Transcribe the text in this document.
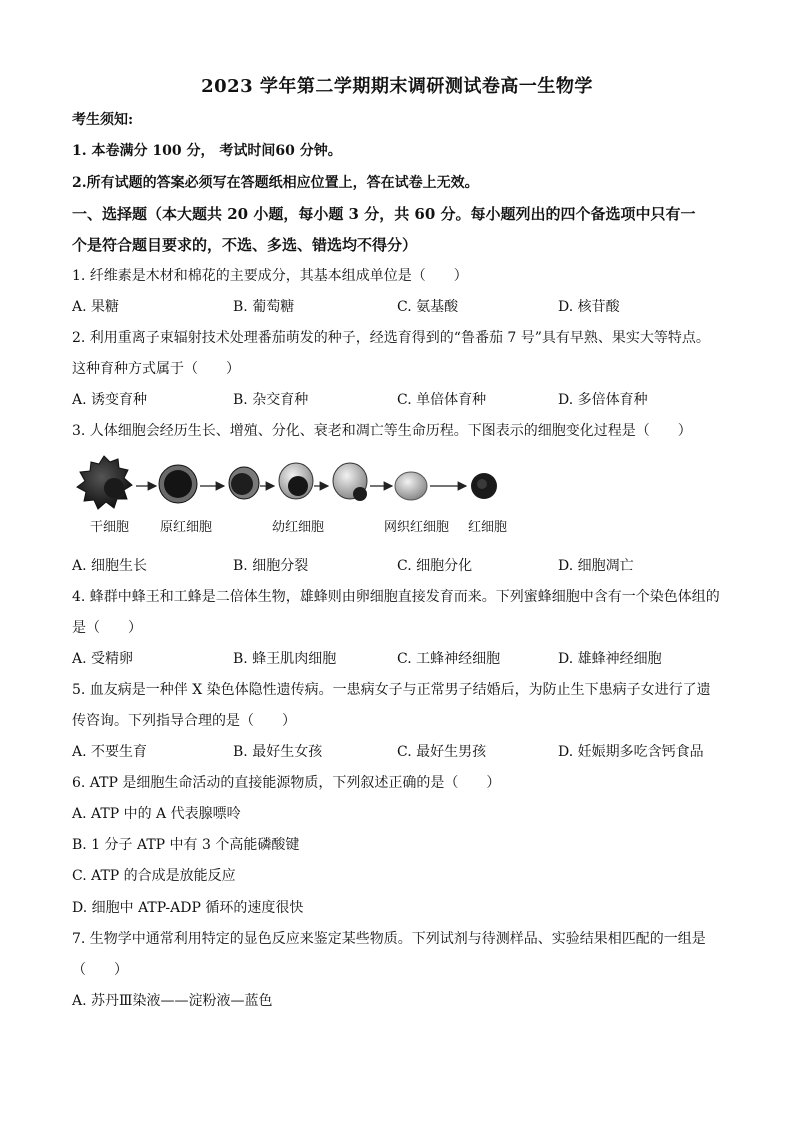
2023 学年第二学期期末调研测试卷高一生物学
考生须知:
1. 本卷满分 100 分， 考试时间60 分钟。
2.所有试题的答案必须写在答题纸相应位置上，答在试卷上无效。
一、选择题（本大题共 20 小题，每小题 3 分，共 60 分。每小题列出的四个备选项中只有一
个是符合题目要求的，不选、多选、错选均不得分）
1. 纤维素是木材和棉花的主要成分，其基本组成单位是（　　）
A. 果糖	B. 葡萄糖	C. 氨基酸	D. 核苷酸
2. 利用重离子束辐射技术处理番茄萌发的种子，经选育得到的“鲁番茄 7 号”具有早熟、果实大等特点。
这种育种方式属于（　　）
A. 诱变育种	B. 杂交育种	C. 单倍体育种	D. 多倍体育种
3. 人体细胞会经历生长、增殖、分化、衰老和凋亡等生命历程。下图表示的细胞变化过程是（　　）
干细胞 原红细胞	幼红细胞	网织红细胞 红细胞
A. 细胞生长	B. 细胞分裂	C. 细胞分化	D. 细胞凋亡
4. 蜂群中蜂王和工蜂是二倍体生物，雄蜂则由卵细胞直接发育而来。下列蜜蜂细胞中含有一个染色体组的
是（　　）
A. 受精卵	B. 蜂王肌肉细胞	C. 工蜂神经细胞	D. 雄蜂神经细胞
5. 血友病是一种伴 X 染色体隐性遗传病。一患病女子与正常男子结婚后，为防止生下患病子女进行了遗
传咨询。下列指导合理的是（　　）
A. 不要生育	B. 最好生女孩	C. 最好生男孩	D. 妊娠期多吃含钙食品
6. ATP 是细胞生命活动的直接能源物质，下列叙述正确的是（　　）
A. ATP 中的 A 代表腺嘌呤
B. 1 分子 ATP 中有 3 个高能磷酸键
C. ATP 的合成是放能反应
D. 细胞中 ATP-ADP 循环的速度很快
7. 生物学中通常利用特定的显色反应来鉴定某些物质。下列试剂与待测样品、实验结果相匹配的一组是
（　　）
A. 苏丹Ⅲ染液——淀粉液—蓝色
